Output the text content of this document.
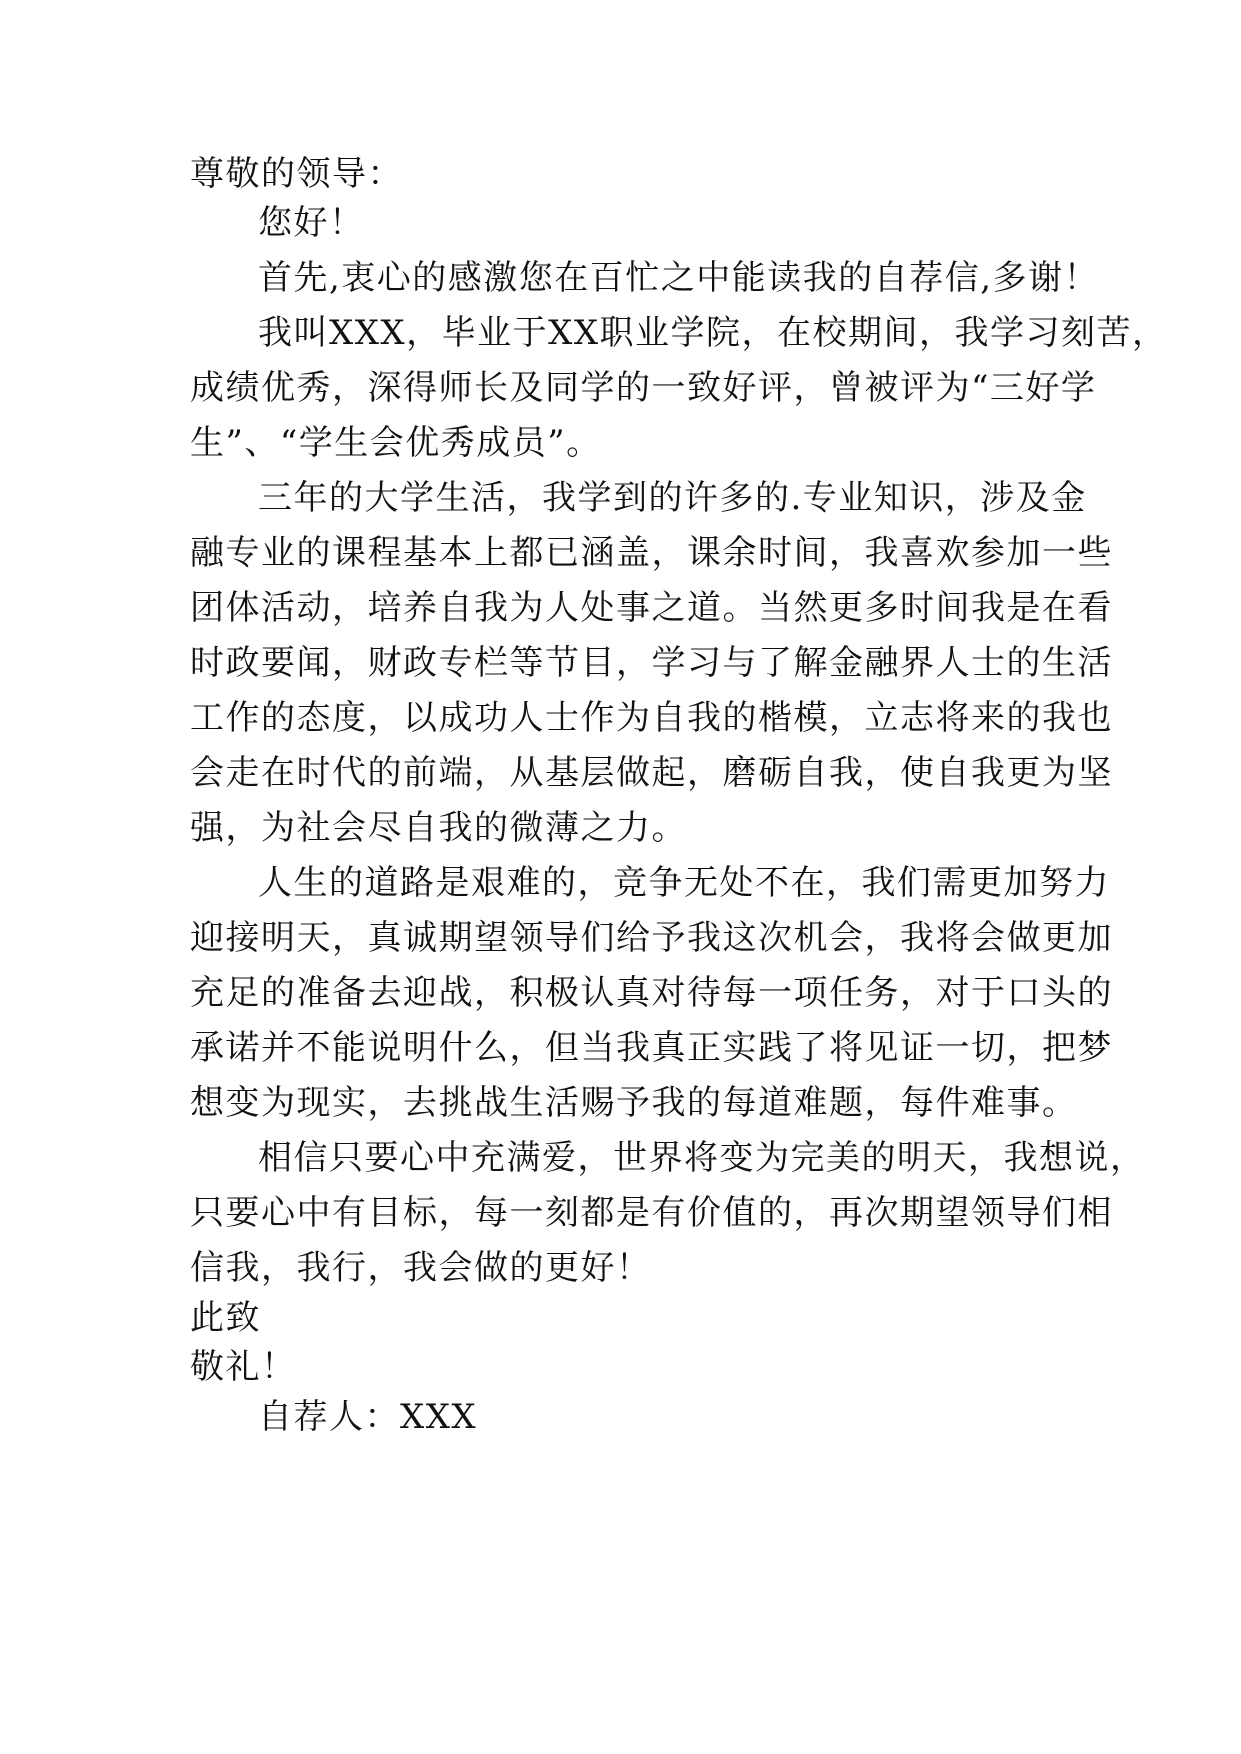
尊敬的领导：
您好！
首先,衷心的感激您在百忙之中能读我的自荐信,多谢！
我叫XXX，毕业于XX职业学院，在校期间，我学习刻苦，
成绩优秀，深得师长及同学的一致好评，曾被评为“三好学
生”、“学生会优秀成员”。
三年的大学生活，我学到的许多的.专业知识，涉及金
融专业的课程基本上都已涵盖，课余时间，我喜欢参加一些
团体活动，培养自我为人处事之道。当然更多时间我是在看
时政要闻，财政专栏等节目，学习与了解金融界人士的生活
工作的态度，以成功人士作为自我的楷模，立志将来的我也
会走在时代的前端，从基层做起，磨砺自我，使自我更为坚
强，为社会尽自我的微薄之力。
人生的道路是艰难的，竞争无处不在，我们需更加努力
迎接明天，真诚期望领导们给予我这次机会，我将会做更加
充足的准备去迎战，积极认真对待每一项任务，对于口头的
承诺并不能说明什么，但当我真正实践了将见证一切，把梦
想变为现实，去挑战生活赐予我的每道难题，每件难事。
相信只要心中充满爱，世界将变为完美的明天，我想说，
只要心中有目标，每一刻都是有价值的，再次期望领导们相
信我，我行，我会做的更好！
此致
敬礼！
自荐人：XXX
